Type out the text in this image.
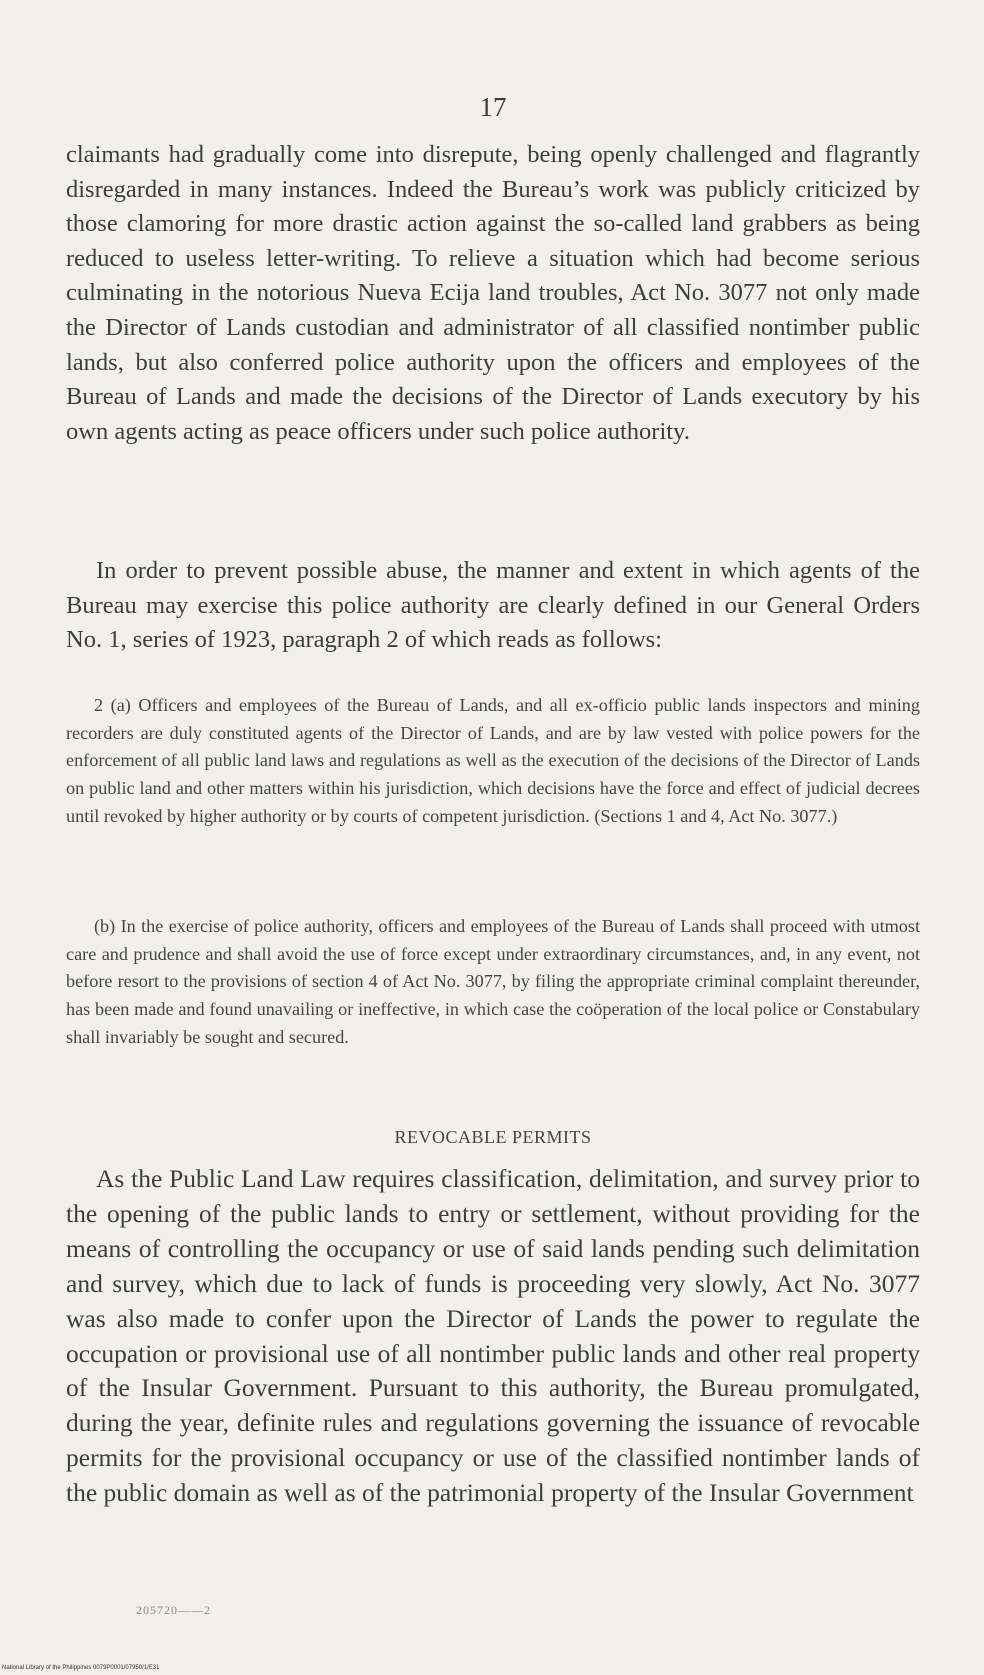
17

claimants had gradually come into disrepute, being openly challenged and flagrantly disregarded in many instances. Indeed the Bureau’s work was publicly criticized by those clamoring for more drastic action against the so-called land grabbers as being reduced to useless letter-writing. To relieve a situation which had become serious culminating in the notorious Nueva Ecija land troubles, Act No. 3077 not only made the Director of Lands custodian and administrator of all classified nontimber public lands, but also conferred police authority upon the officers and employees of the Bureau of Lands and made the decisions of the Director of Lands executory by his own agents acting as peace officers under such police authority.

In order to prevent possible abuse, the manner and extent in which agents of the Bureau may exercise this police authority are clearly defined in our General Orders No. 1, series of 1923, paragraph 2 of which reads as follows:

2 (a) Officers and employees of the Bureau of Lands, and all ex-officio public lands inspectors and mining recorders are duly constituted agents of the Director of Lands, and are by law vested with police powers for the enforcement of all public land laws and regulations as well as the execution of the decisions of the Director of Lands on public land and other matters within his jurisdiction, which decisions have the force and effect of judicial decrees until revoked by higher authority or by courts of competent jurisdiction. (Sections 1 and 4, Act No. 3077.)

(b) In the exercise of police authority, officers and employees of the Bureau of Lands shall proceed with utmost care and prudence and shall avoid the use of force except under extraordinary circumstances, and, in any event, not before resort to the provisions of section 4 of Act No. 3077, by filing the appropriate criminal complaint thereunder, has been made and found unavailing or ineffective, in which case the coöperation of the local police or Constabulary shall invariably be sought and secured.

REVOCABLE PERMITS

As the Public Land Law requires classification, delimitation, and survey prior to the opening of the public lands to entry or settlement, without providing for the means of controlling the occupancy or use of said lands pending such delimitation and survey, which due to lack of funds is proceeding very slowly, Act No. 3077 was also made to confer upon the Director of Lands the power to regulate the occupation or provisional use of all nontimber public lands and other real property of the Insular Government. Pursuant to this authority, the Bureau promulgated, during the year, definite rules and regulations governing the issuance of revocable permits for the provisional occupancy or use of the classified nontimber lands of the public domain as well as of the patrimonial property of the Insular Government

205720——2
National Library of the Philippines 0079P0001/07950/1/E31
